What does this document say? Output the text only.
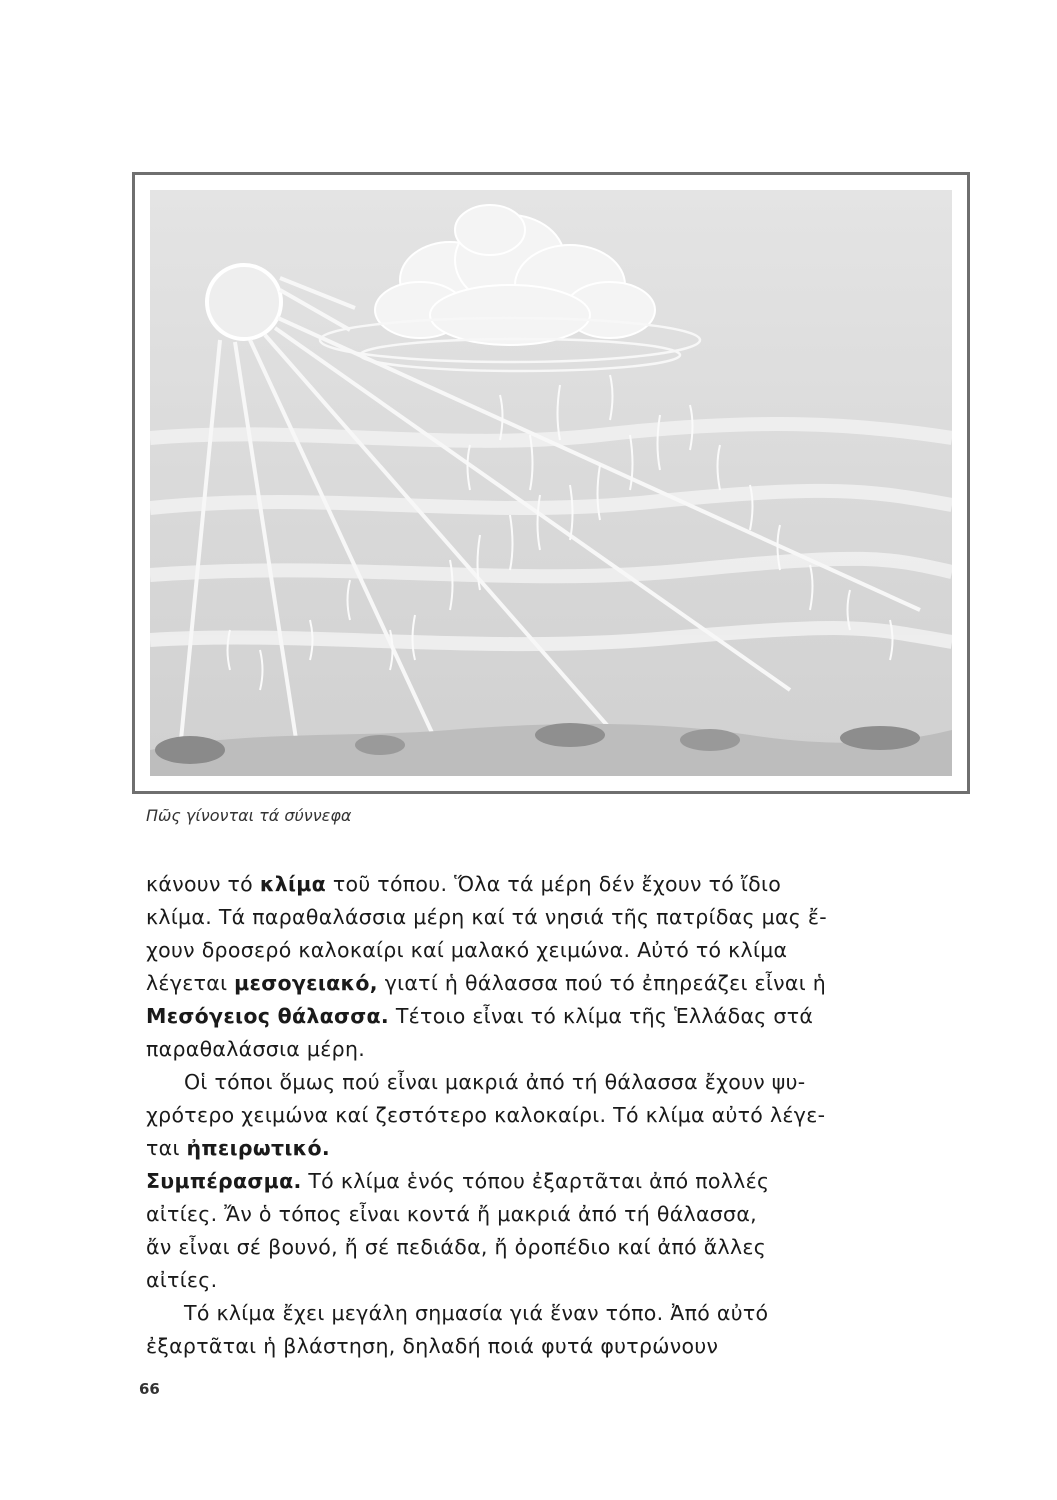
Πῶς γίνονται τά σύννεφα
κάνουν τό κλίμα τοῦ τόπου. Ὅλα τά μέρη δέν ἔχουν τό ἴδιο
κλίμα. Τά παραθαλάσσια μέρη καί τά νησιά τῆς πατρίδας μας ἔ-
χουν δροσερό καλοκαίρι καί μαλακό χειμώνα. Αὐτό τό κλίμα
λέγεται μεσογειακό, γιατί ἡ θάλασσα πού τό ἐπηρεάζει εἶναι ἡ
Μεσόγειος θάλασσα. Τέτοιο εἶναι τό κλίμα τῆς Ἑλλάδας στά
παραθαλάσσια μέρη.
Οἱ τόποι ὅμως πού εἶναι μακριά ἀπό τή θάλασσα ἔχουν ψυ-
χρότερο χειμώνα καί ζεστότερο καλοκαίρι. Τό κλίμα αὐτό λέγε-
ται ἠπειρωτικό.
Συμπέρασμα. Τό κλίμα ἑνός τόπου ἐξαρτᾶται ἀπό πολλές
αἰτίες. Ἄν ὁ τόπος εἶναι κοντά ἤ μακριά ἀπό τή θάλασσα,
ἄν εἶναι σέ βουνό, ἤ σέ πεδιάδα, ἤ ὀροπέδιο καί ἀπό ἄλλες
αἰτίες.
Τό κλίμα ἔχει μεγάλη σημασία γιά ἕναν τόπο. Ἀπό αὐτό
ἐξαρτᾶται ἡ βλάστηση, δηλαδή ποιά φυτά φυτρώνουν
66
